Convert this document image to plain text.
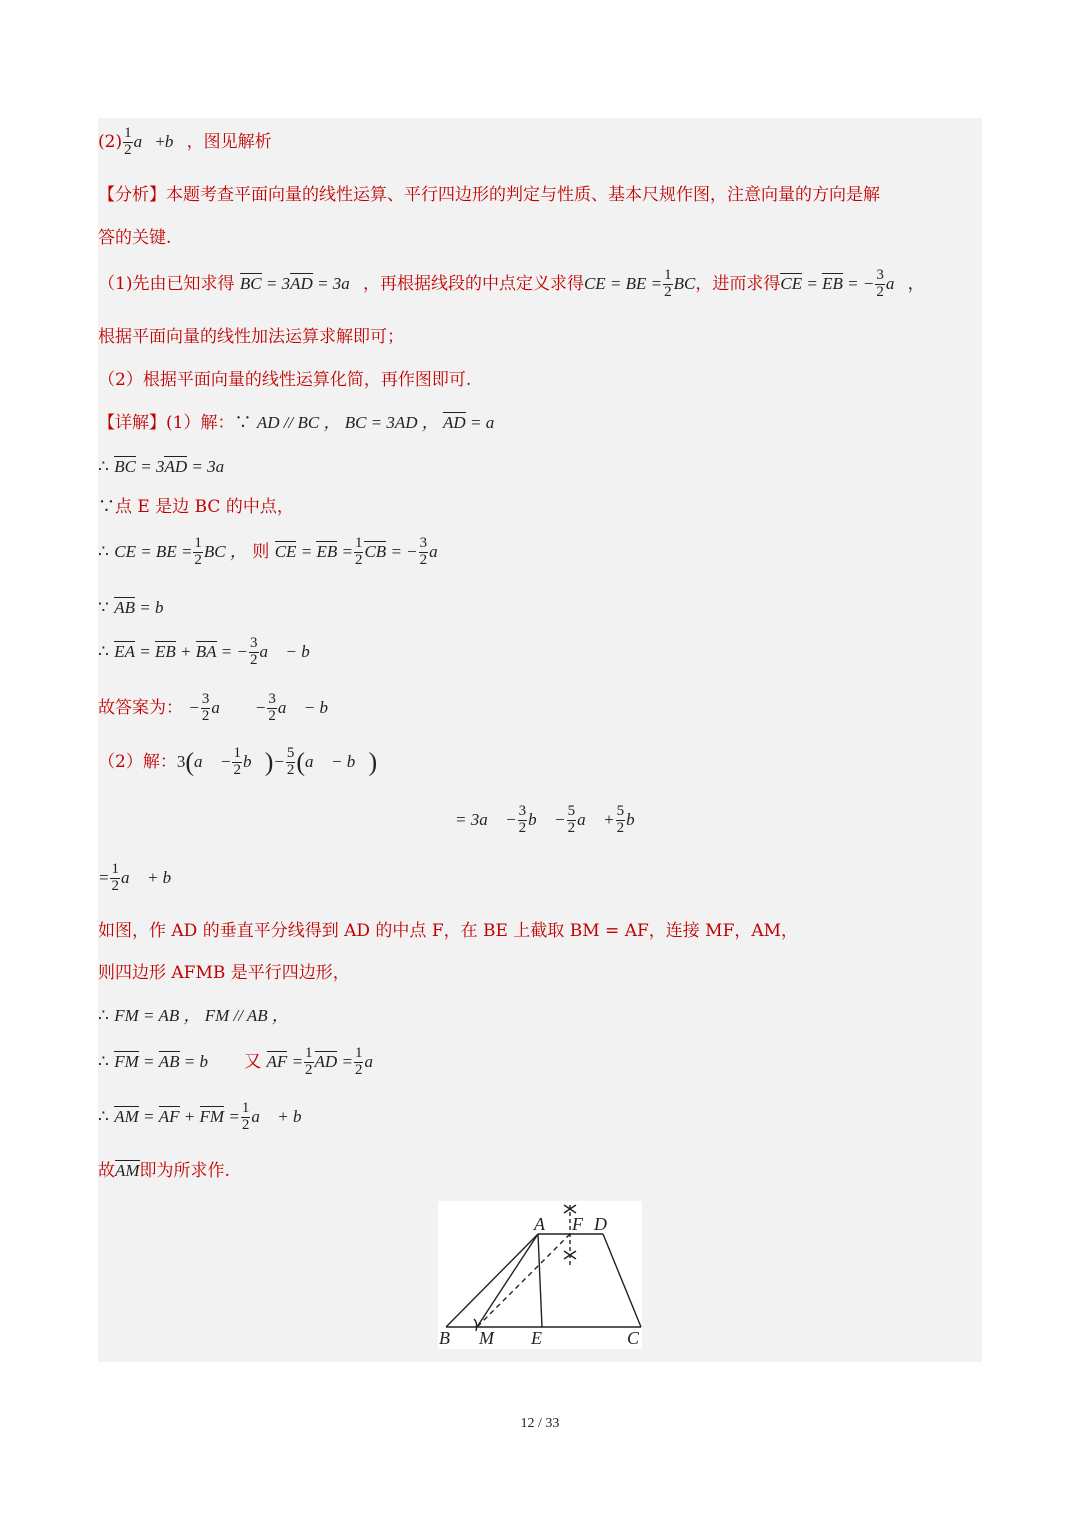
$(2) \frac{1}{2}$ a⃗+b⃗，图见解析
【分析】本题考查平面向量的线性运算、平行四边形的判定与性质、基本尺规作图，注意向量的方向是解
答的关键.
（1)先由已知求得 BC = 3AD = 3a⃗，再根据线段的中点定义求得CE = BE = $\frac{1}{2}$ BC，进而求得CE = EB = − $\frac{3}{2}$ a⃗，
根据平面向量的线性加法运算求解即可；
（2）根据平面向量的线性运算化简，再作图即可.
【详解】(1）解：∵ AD // BC ， BC = 3AD ， AD = a⃗ ，
∴ BC = 3AD = 3a⃗ ，
∵点 E 是边 BC 的中点，
∴ CE = BE = $\frac{1}{2}$ BC ， 则 CE = EB = $\frac{1}{2}$ CB = − $\frac{3}{2}$ a⃗ ，
∵ AB = b⃗ ，
∴ EA = EB + BA = − $\frac{3}{2}$ a⃗ − b⃗ ，
故答案为： − $\frac{3}{2}$ a⃗ ， − $\frac{3}{2}$ a⃗ − b⃗ ；
（2）解：3(a⃗ − $\frac{1}{2}$ b⃗)− $\frac{5}{2}$ (a⃗ − b⃗)
= 3a⃗ − $\frac{3}{2}$ b⃗ − $\frac{5}{2}$ a⃗ + $\frac{5}{2}$ b⃗
= $\frac{1}{2}$ a⃗ + b⃗ ，
如图，作 AD 的垂直平分线得到 AD 的中点 F，在 BE 上截取 BM = AF，连接 MF，AM，
则四边形 AFMB 是平行四边形，
∴ FM = AB ， FM // AB ，
∴ FM = AB = b⃗ ， 又 AF = $\frac{1}{2}$ AD = $\frac{1}{2}$ a⃗ ，
∴ AM = AF + FM = $\frac{1}{2}$ a⃗ + b⃗ ，
故AM即为所求作.
A F D
B M E	C
12 / 33
